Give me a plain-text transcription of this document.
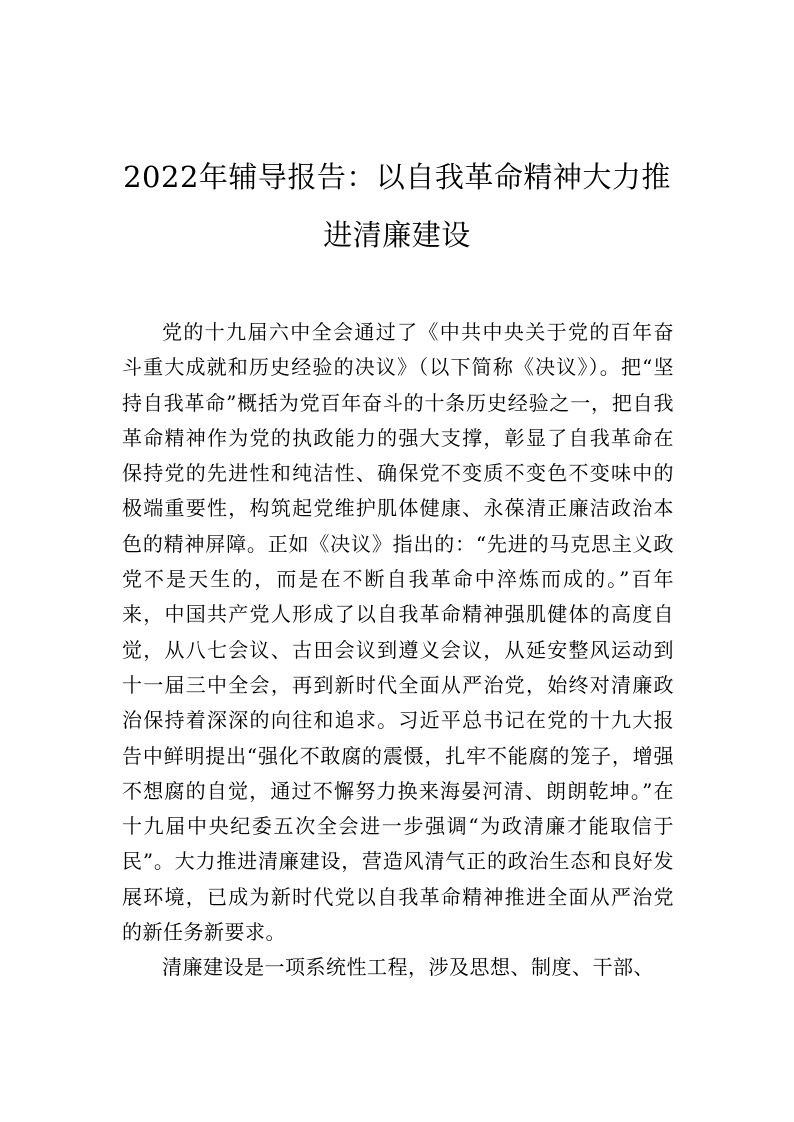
2022年辅导报告：以自我革命精神大力推
进清廉建设

党的十九届六中全会通过了《中共中央关于党的百年奋斗重大成就和历史经验的决议》（以下简称《决议》）。把“坚持自我革命”概括为党百年奋斗的十条历史经验之一，把自我革命精神作为党的执政能力的强大支撑，彰显了自我革命在保持党的先进性和纯洁性、确保党不变质不变色不变味中的极端重要性，构筑起党维护肌体健康、永葆清正廉洁政治本色的精神屏障。正如《决议》指出的：“先进的马克思主义政党不是天生的，而是在不断自我革命中淬炼而成的。”百年来，中国共产党人形成了以自我革命精神强肌健体的高度自觉，从八七会议、古田会议到遵义会议，从延安整风运动到十一届三中全会，再到新时代全面从严治党，始终对清廉政治保持着深深的向往和追求。习近平总书记在党的十九大报告中鲜明提出“强化不敢腐的震慑，扎牢不能腐的笼子，增强不想腐的自觉，通过不懈努力换来海晏河清、朗朗乾坤。”在十九届中央纪委五次全会进一步强调“为政清廉才能取信于民”。大力推进清廉建设，营造风清气正的政治生态和良好发展环境，已成为新时代党以自我革命精神推进全面从严治党的新任务新要求。

清廉建设是一项系统性工程，涉及思想、制度、干部、
